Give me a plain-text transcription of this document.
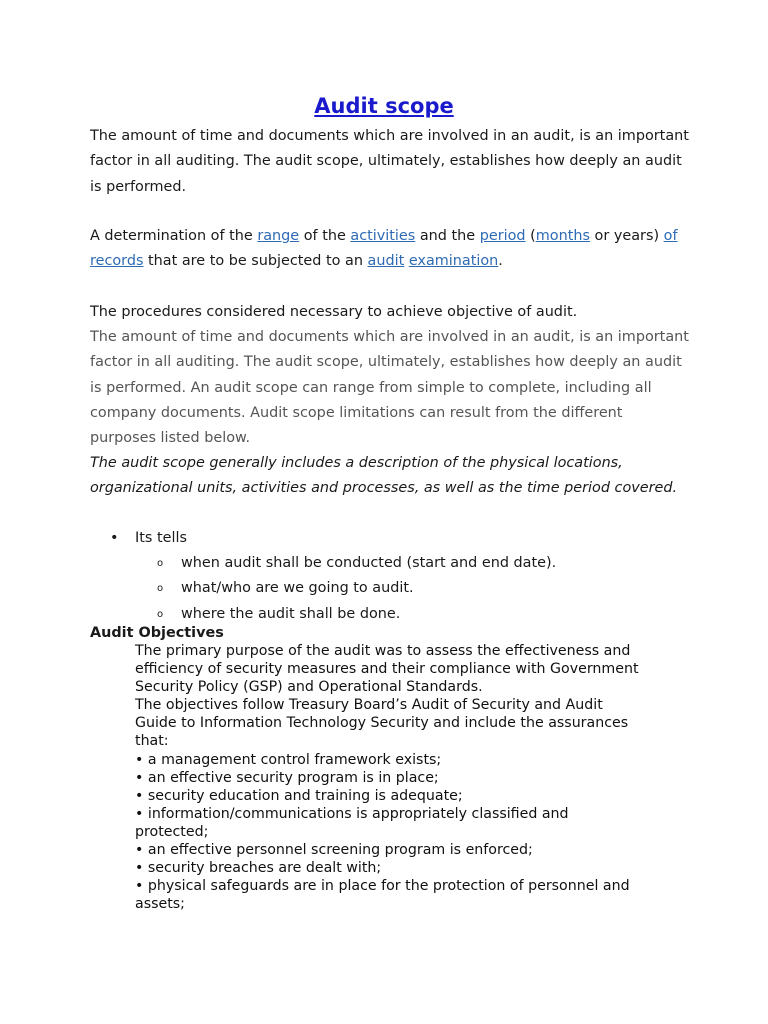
Audit scope

The amount of time and documents which are involved in an audit, is an important factor in all auditing. The audit scope, ultimately, establishes how deeply an audit is performed.

A determination of the range of the activities and the period (months or years) of records that are to be subjected to an audit examination.

The procedures considered necessary to achieve objective of audit.

The amount of time and documents which are involved in an audit, is an important factor in all auditing. The audit scope, ultimately, establishes how deeply an audit is performed. An audit scope can range from simple to complete, including all company documents. Audit scope limitations can result from the different purposes listed below.

The audit scope generally includes a description of the physical locations, organizational units, activities and processes, as well as the time period covered.

• Its tells

o when audit shall be conducted (start and end date).

o what/who are we going to audit.

o where the audit shall be done.

Audit Objectives

The primary purpose of the audit was to assess the effectiveness and
efficiency of security measures and their compliance with Government
Security Policy (GSP) and Operational Standards.
The objectives follow Treasury Board’s Audit of Security and Audit
Guide to Information Technology Security and include the assurances
that:
• a management control framework exists;
• an effective security program is in place;
• security education and training is adequate;
• information/communications is appropriately classified and
protected;
• an effective personnel screening program is enforced;
• security breaches are dealt with;
• physical safeguards are in place for the protection of personnel and
assets;
